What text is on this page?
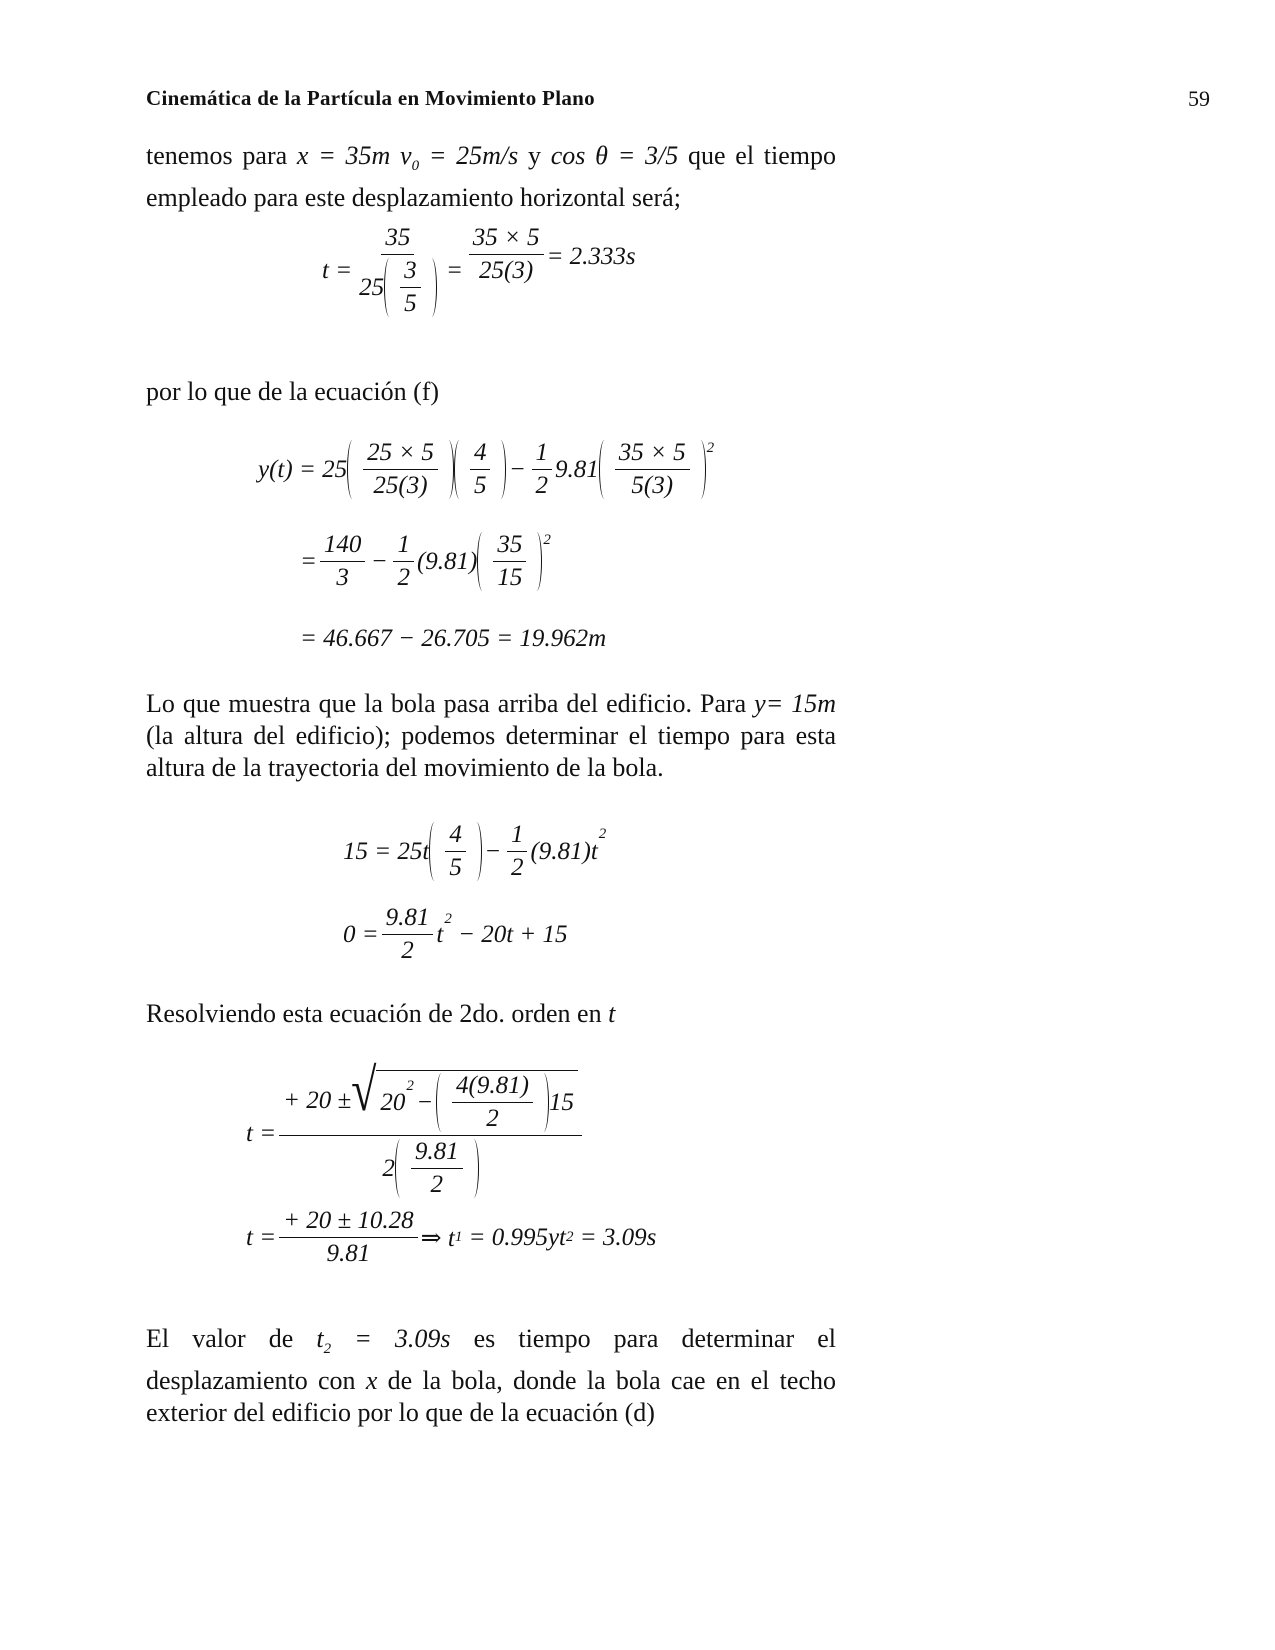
Cinemática de la Partícula en Movimiento Plano	59
tenemos para x = 35m $v_0 = 25m/s$ y cos θ = 3/5 que el tiempo empleado para este desplazamiento horizontal será;
$t = \frac{35}{25 \frac{3}{5}} = \frac{35 \times 5}{25(3)} = 2.333s$
por lo que de la ecuación (f)
$y(t) = 25 \frac{25 \times 5}{25(3)} \frac{4}{5} - \frac{1}{2} 9.81 \frac{35 \times 5}{5(3)} ^2$
= $\frac{140}{3} - \frac{1}{2} (9.81) \frac{35}{15} ^2$
= 46.667 − 26.705 = 19.962m
Lo que muestra que la bola pasa arriba del edificio. Para y= 15m (la altura del edificio); podemos determinar el tiempo para esta altura de la trayectoria del movimiento de la bola.
$15 = 25t \frac{4}{5} - \frac{1}{2} (9.81)t$
$^2$
$0 = \frac{9.81}{2}$ t
$^2$
− 20t + 15
Resolviendo esta ecuación de 2do. orden en t
t =
+ 20 ± √ 20
$^2$
− $\frac{4(9.81)}{2} 15$
$2 \frac{9.81}{2}$
$t = \frac{+ 20 \pm 10.28}{9.81}$ ⇒ t 1 = 0.995yt 2 = 3.09s
El valor de $t_2 = 3.09s$ es tiempo para determinar el desplazamiento con x de la bola, donde la bola cae en el techo exterior del edificio por lo que de la ecuación (d)
